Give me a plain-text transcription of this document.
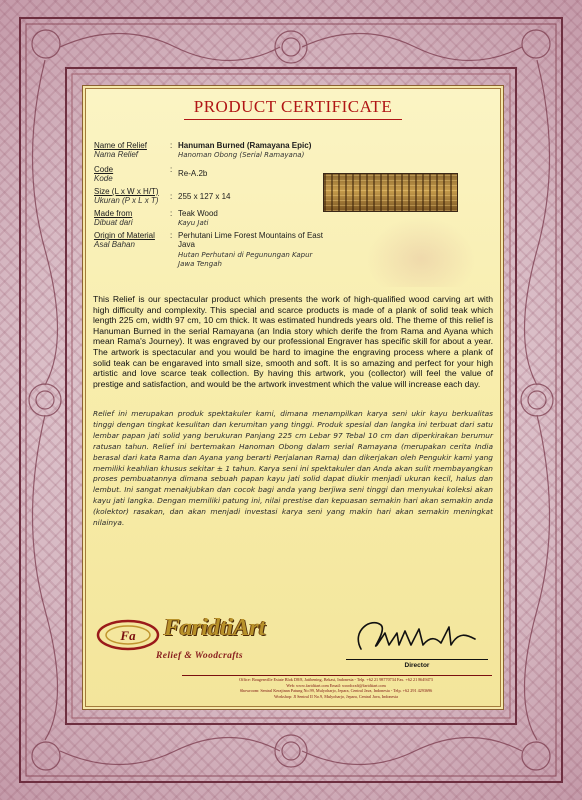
PRODUCT CERTIFICATE
Name of Relief
Nama Relief
: Hanuman Burned (Ramayana Epic)
Hanoman Obong (Serial Ramayana)
Code
Kode
: Re-A.2b
Size (L x W x H/T)
Ukuran (P x L x T) : 255 x 127 x 14
Made from
Dibuat dari
: Teak Wood
Kayu Jati
Origin of Material
Asal Bahan
: Perhutani Lime Forest Mountains of East Java
Hutan Perhutani di Pegunungan Kapur Jawa Tengah
This Relief is our spectacular product which presents the work of high-qualified wood carving art with high difficulty and complexity. This special and scarce products is made of a plank of solid teak which length 225 cm, width 97 cm, 10 cm thick. It was estimated hundreds years old. The theme of this relief is Hanuman Burned in the serial Ramayana (an India story which derife the from Rama and Ayana which mean Rama's Journey). It was engraved by our professional Engraver has specific skill for about a year. The artwork is spectacular and you would be hard to imagine the engraving process where a plank of solid teak can be engaraved into small size, smooth and soft. It is so amazing and perfect for your high artistic and love scarce teak collection. By having this artwork, you (collector) will feel the value of prestige and satisfaction, and would be the artwork investment which the value will increase each day.
Relief ini merupakan produk spektakuler kami, dimana menampilkan karya seni ukir kayu berkualitas tinggi dengan tingkat kesulitan dan kerumitan yang tinggi. Produk spesial dan langka ini terbuat dari satu lembar papan jati solid yang berukuran Panjang 225 cm Lebar 97 Tebal 10 cm dan diperkirakan berumur ratusan tahun. Relief ini bertemakan Hanoman Obong dalam serial Ramayana (merupakan cerita India berasal dari kata Rama dan Ayana yang berarti Perjalanan Rama) dan dikerjakan oleh Pengukir kami yang memiliki keahlian khusus sekitar ± 1 tahun. Karya seni ini spektakuler dan Anda akan sulit membayangkan proses pembuatannya dimana sebuah papan kayu jati solid dapat diukir menjadi ukuran kecil, halus dan lembut. Ini sangat menakjubkan dan cocok bagi anda yang berjiwa seni tinggi dan menyukai koleksi akan kayu jati langka. Dengan memiliki patung ini, nilai prestise dan kepuasan semakin hari akan semakin anda (kolektor) rasakan, dan akan menjadi investasi karya seni yang makin hari akan semakin meningkat nilainya.
Fa FaridtiArt
Relief & Woodcrafts
Director
Office: Bougenville Estate Blok D8/8, Jatibening, Bekasi, Indonesia - Telp. +62 21 98770734 Fax. +62 21 8649473
Web: www.faridtiart.com Email: woodcraft@faridtiart.com
Showroom: Sentral Kerajinan Patung No.99, Mulyoharjo, Jepara, Central Java, Indonesia - Telp. +62 291 4293696
Workshop: Jl Sentral II No.9, Mulyoharjo, Jepara, Central Java, Indonesia
